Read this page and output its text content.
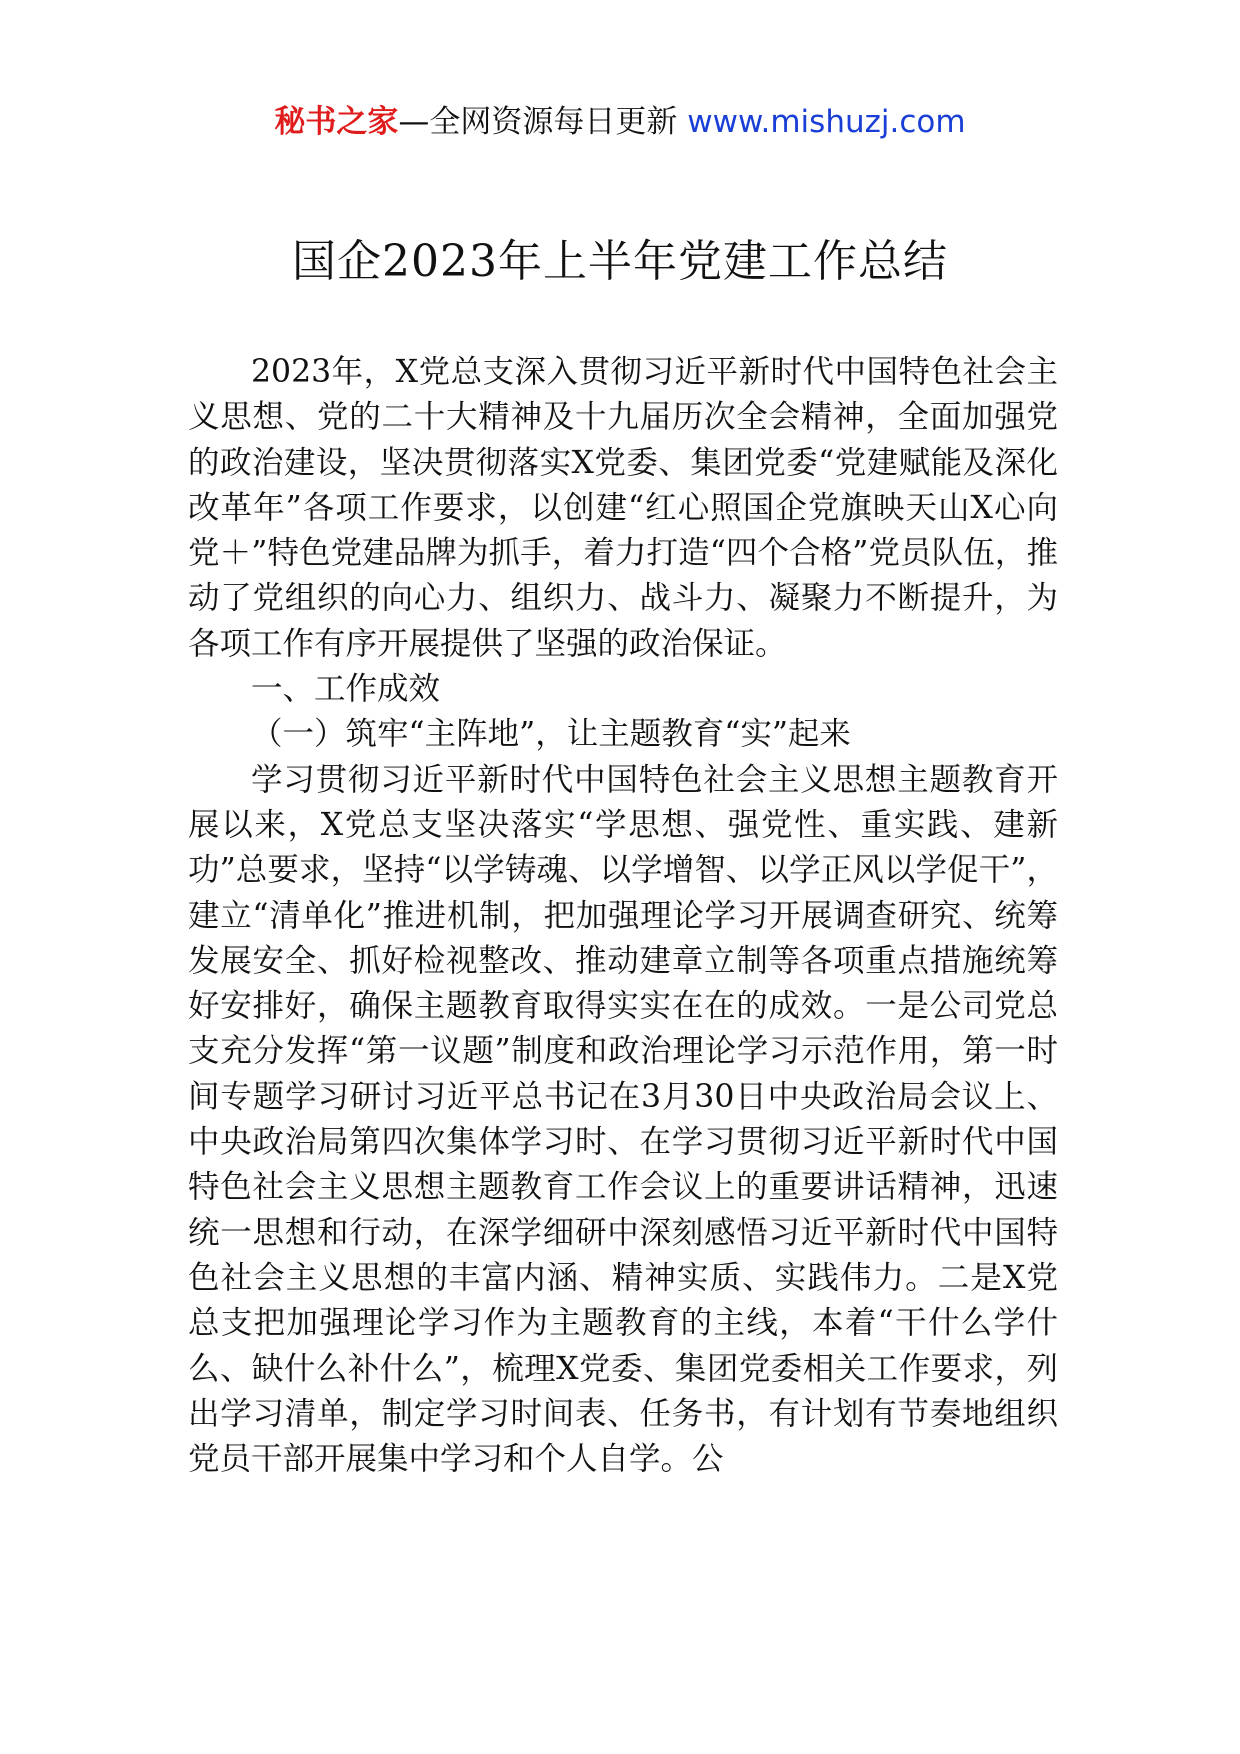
秘书之家—全网资源每日更新 www.mishuzj.com
国企2023年上半年党建工作总结

2023年，X党总支深入贯彻习近平新时代中国特色社会主义思想、党的二十大精神及十九届历次全会精神，全面加强党的政治建设，坚决贯彻落实X党委、集团党委“党建赋能及深化改革年”各项工作要求，以创建“红心照国企党旗映天山X心向党＋”特色党建品牌为抓手，着力打造“四个合格”党员队伍，推动了党组织的向心力、组织力、战斗力、凝聚力不断提升，为各项工作有序开展提供了坚强的政治保证。

一、工作成效

（一）筑牢“主阵地”，让主题教育“实”起来

学习贯彻习近平新时代中国特色社会主义思想主题教育开展以来，X党总支坚决落实“学思想、强党性、重实践、建新功”总要求，坚持“以学铸魂、以学增智、以学正风以学促干”，建立“清单化”推进机制，把加强理论学习开展调查研究、统筹发展安全、抓好检视整改、推动建章立制等各项重点措施统筹好安排好，确保主题教育取得实实在在的成效。一是公司党总支充分发挥“第一议题”制度和政治理论学习示范作用，第一时间专题学习研讨习近平总书记在3月30日中央政治局会议上、中央政治局第四次集体学习时、在学习贯彻习近平新时代中国特色社会主义思想主题教育工作会议上的重要讲话精神，迅速统一思想和行动，在深学细研中深刻感悟习近平新时代中国特色社会主义思想的丰富内涵、精神实质、实践伟力。二是X党总支把加强理论学习作为主题教育的主线，本着“干什么学什么、缺什么补什么”，梳理X党委、集团党委相关工作要求，列出学习清单，制定学习时间表、任务书，有计划有节奏地组织党员干部开展集中学习和个人自学。公
